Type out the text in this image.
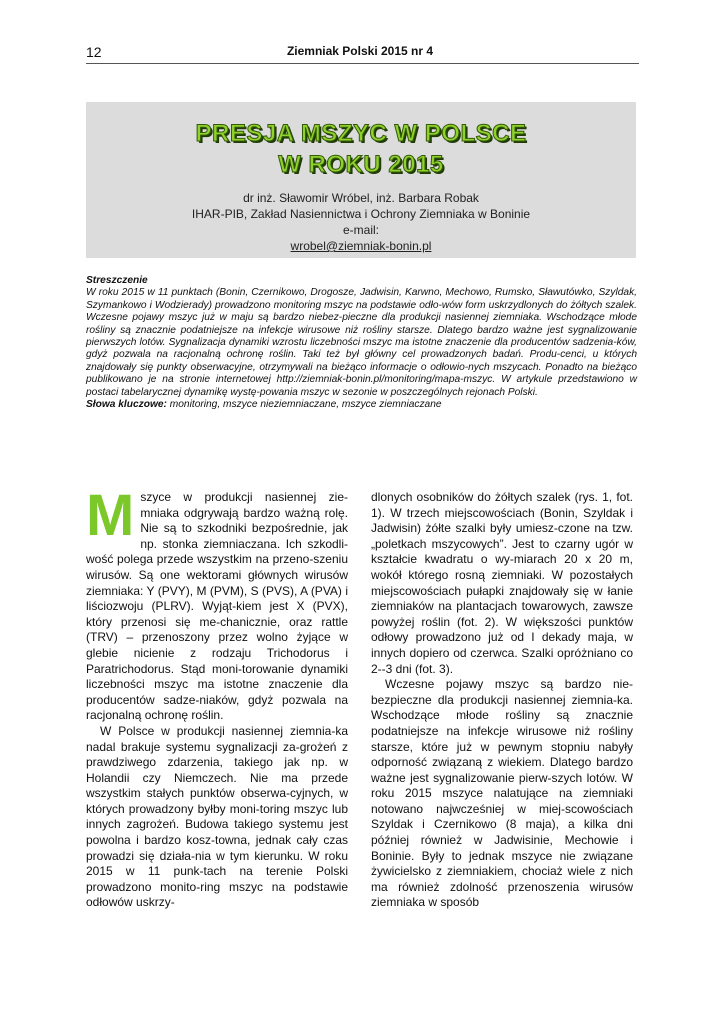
12	Ziemniak Polski 2015 nr 4
PRESJA MSZYC W POLSCE
W ROKU 2015
dr inż. Sławomir Wróbel, inż. Barbara Robak
IHAR-PIB, Zakład Nasiennictwa i Ochrony Ziemniaka w Boninie
e-mail:
wrobel@ziemniak-bonin.pl
Streszczenie

W roku 2015 w 11 punktach (Bonin, Czernikowo, Drogosze, Jadwisin, Karwno, Mechowo, Rumsko, Sławutówko, Szyldak, Szymankowo i Wodzierady) prowadzono monitoring mszyc na podstawie odło-wów form uskrzydlonych do żółtych szalek. Wczesne pojawy mszyc już w maju są bardzo niebez-pieczne dla produkcji nasiennej ziemniaka. Wschodzące młode rośliny są znacznie podatniejsze na infekcje wirusowe niż rośliny starsze. Dlatego bardzo ważne jest sygnalizowanie pierwszych lotów. Sygnalizacja dynamiki wzrostu liczebności mszyc ma istotne znaczenie dla producentów sadzenia-ków, gdyż pozwala na racjonalną ochronę roślin. Taki też był główny cel prowadzonych badań. Produ-cenci, u których znajdowały się punkty obserwacyjne, otrzymywali na bieżąco informacje o odłowio-nych mszycach. Ponadto na bieżąco publikowano je na stronie internetowej http://ziemniak-bonin.pl/monitoring/mapa-mszyc. W artykule przedstawiono w postaci tabelarycznej dynamikę wystę-powania mszyc w sezonie w poszczególnych rejonach Polski.

Słowa kluczowe: monitoring, mszyce nieziemniaczane, mszyce ziemniaczane

Mszyce w produkcji nasiennej zie-mniaka odgrywają bardzo ważną rolę. Nie są to szkodniki bezpośrednie, jak np. stonka ziemniaczana. Ich szkodli-wość polega przede wszystkim na przeno-szeniu wirusów. Są one wektorami głównych wirusów ziemniaka: Y (PVY), M (PVM), S (PVS), A (PVA) i liściozwoju (PLRV). Wyjąt-kiem jest X (PVX), który przenosi się me-chanicznie, oraz rattle (TRV) – przenoszony przez wolno żyjące w glebie nicienie z rodzaju Trichodorus i Paratrichodorus. Stąd moni-torowanie dynamiki liczebności mszyc ma istotne znaczenie dla producentów sadze-niaków, gdyż pozwala na racjonalną ochronę roślin.

W Polsce w produkcji nasiennej ziemnia-ka nadal brakuje systemu sygnalizacji za-grożeń z prawdziwego zdarzenia, takiego jak np. w Holandii czy Niemczech. Nie ma przede wszystkim stałych punktów obserwa-cyjnych, w których prowadzony byłby moni-toring mszyc lub innych zagrożeń. Budowa takiego systemu jest powolna i bardzo kosz-towna, jednak cały czas prowadzi się działa-nia w tym kierunku. W roku 2015 w 11 punk-tach na terenie Polski prowadzono monito-ring mszyc na podstawie odłowów uskrzy-

dlonych osobników do żółtych szalek (rys. 1, fot. 1). W trzech miejscowościach (Bonin, Szyldak i Jadwisin) żółte szalki były umiesz-czone na tzw. „poletkach mszycowych”. Jest to czarny ugór w kształcie kwadratu o wy-miarach 20 x 20 m, wokół którego rosną ziemniaki. W pozostałych miejscowościach pułapki znajdowały się w łanie ziemniaków na plantacjach towarowych, zawsze powyżej roślin (fot. 2). W większości punktów odłowy prowadzono już od I dekady maja, w innych dopiero od czerwca. Szalki opróżniano co 2--3 dni (fot. 3).

Wczesne pojawy mszyc są bardzo nie-bezpieczne dla produkcji nasiennej ziemnia-ka. Wschodzące młode rośliny są znacznie podatniejsze na infekcje wirusowe niż rośliny starsze, które już w pewnym stopniu nabyły odporność związaną z wiekiem. Dlatego bardzo ważne jest sygnalizowanie pierw-szych lotów. W roku 2015 mszyce nalatujące na ziemniaki notowano najwcześniej w miej-scowościach Szyldak i Czernikowo (8 maja), a kilka dni później również w Jadwisinie, Mechowie i Boninie. Były to jednak mszyce nie związane żywicielsko z ziemniakiem, chociaż wiele z nich ma również zdolność przenoszenia wirusów ziemniaka w sposób
